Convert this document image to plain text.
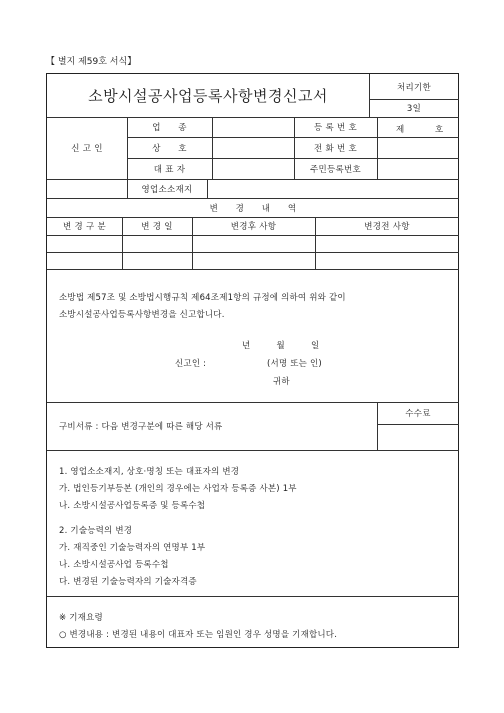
【 별지 제59호 서식】
소방시설공사업등록사항변경신고서	처리기한
3일
신 고 인
업　　종	등 록 번 호	제	호
상　　호	전 화 번 호
대 표 자	주민등록번호
영업소소재지
변　　경　　내　　역
변 경 구 분	변 경 일	변경후 사항	변경전 사항
소방법 제57조 및 소방법시행규칙 제64조제1항의 규정에 의하여 위와 같이
소방시설공사업등록사항변경을 신고합니다.
년　　　월　　　일
신고인 :	(서명 또는 인)
귀하
구비서류 : 다음 변경구분에 따른 해당 서류
수수료
1. 영업소소재지, 상호·명칭 또는 대표자의 변경
가. 법인등기부등본 (개인의 경우에는 사업자 등록증 사본) 1부
나. 소방시설공사업등록증 및 등록수첩
2. 기술능력의 변경
가. 재직중인 기술능력자의 연명부 1부
나. 소방시설공사업 등록수첩
다. 변경된 기술능력자의 기술자격증
※ 기재요령
○ 변경내용 : 변경된 내용이 대표자 또는 임원인 경우 성명을 기재합니다.
